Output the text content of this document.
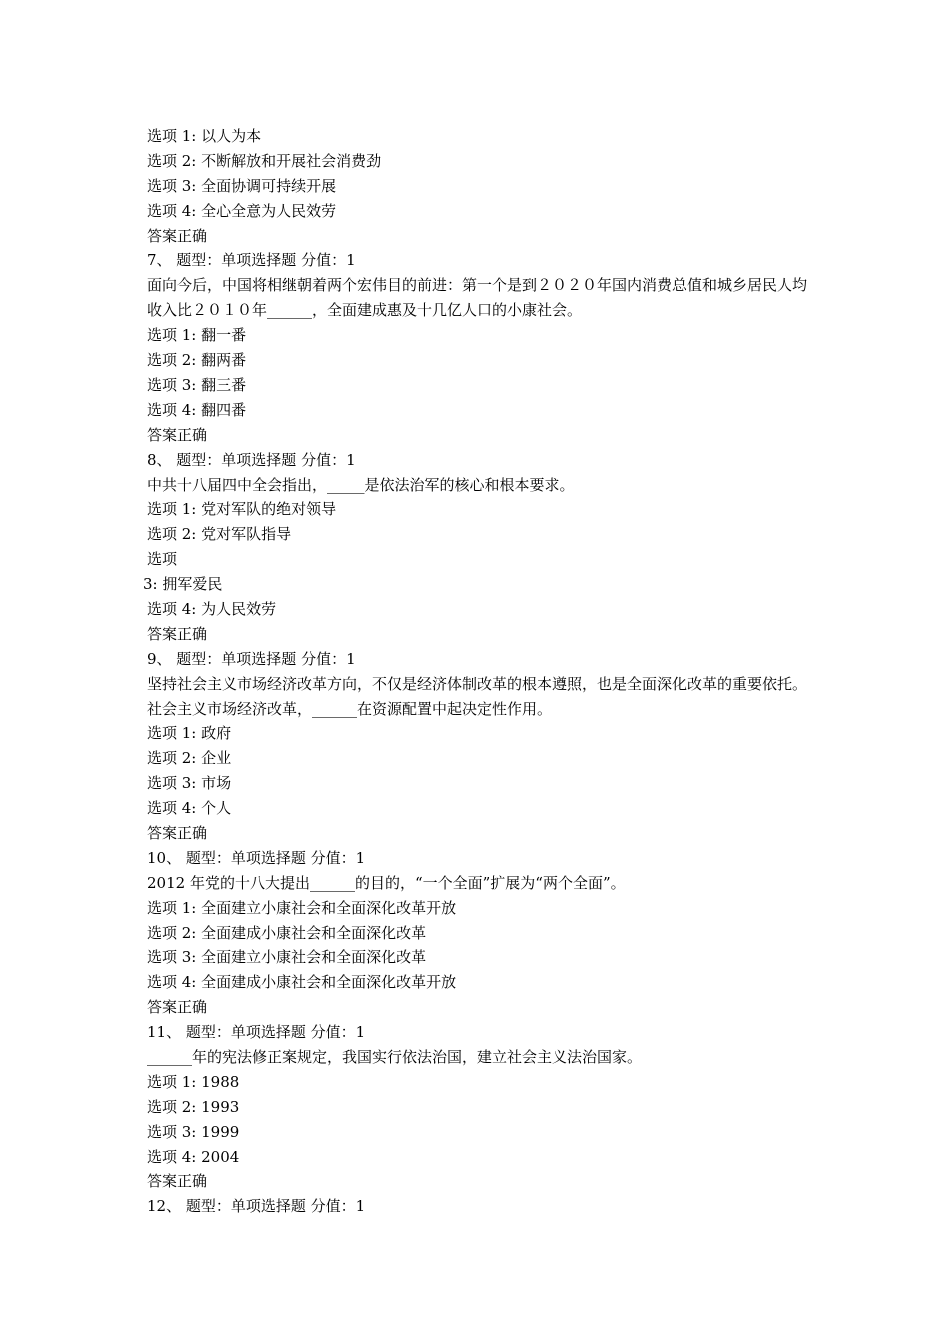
选项 1: 以人为本
选项 2: 不断解放和开展社会消费劲
选项 3: 全面协调可持续开展
选项 4: 全心全意为人民效劳
答案正确
7、 题型：单项选择题 分值：1
面向今后，中国将相继朝着两个宏伟目的前进：第一个是到２０２０年国内消费总值和城乡居民人均收入比２０１０年______，全面建成惠及十几亿人口的小康社会。
选项 1: 翻一番
选项 2: 翻两番
选项 3: 翻三番
选项 4: 翻四番
答案正确
8、 题型：单项选择题 分值：1
中共十八届四中全会指出，_____是依法治军的核心和根本要求。
选项 1: 党对军队的绝对领导
选项 2: 党对军队指导
选项
3: 拥军爱民
选项 4: 为人民效劳
答案正确
9、 题型：单项选择题 分值：1
坚持社会主义市场经济改革方向，不仅是经济体制改革的根本遵照，也是全面深化改革的重要依托。社会主义市场经济改革，______在资源配置中起决定性作用。
选项 1: 政府
选项 2: 企业
选项 3: 市场
选项 4: 个人
答案正确
10、 题型：单项选择题 分值：1
2012 年党的十八大提出______的目的，“一个全面”扩展为“两个全面”。
选项 1: 全面建立小康社会和全面深化改革开放
选项 2: 全面建成小康社会和全面深化改革
选项 3: 全面建立小康社会和全面深化改革
选项 4: 全面建成小康社会和全面深化改革开放
答案正确
11、 题型：单项选择题 分值：1
______年的宪法修正案规定，我国实行依法治国，建立社会主义法治国家。
选项 1: 1988
选项 2: 1993
选项 3: 1999
选项 4: 2004
答案正确
12、 题型：单项选择题 分值：1
